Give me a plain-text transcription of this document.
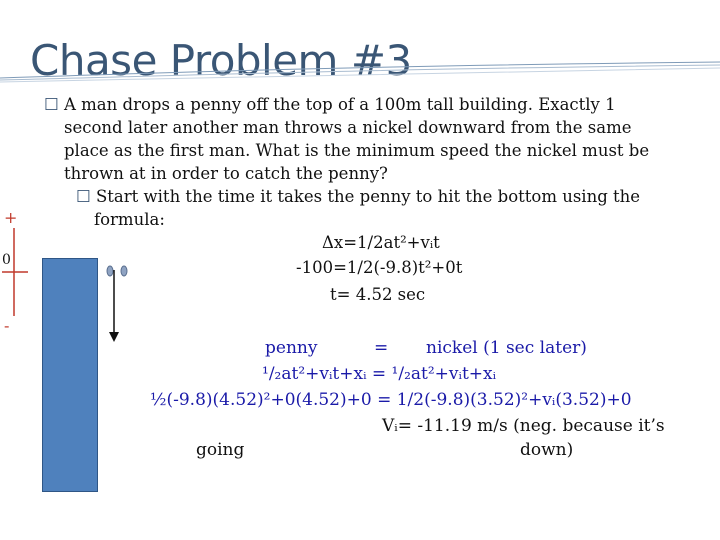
Chase Problem #3
☐ A man drops a penny off the top of a 100m tall building. Exactly 1
second later another man throws a nickel downward from the same
place as the first man. What is the minimum speed the nickel must be
thrown at in order to catch the penny?
☐ Start with the time it takes the penny to hit the bottom using the
formula:
Δx=1/2at²+vᵢt
-100=1/2(-9.8)t²+0t
t= 4.52 sec
penny	= nickel (1 sec later)
¹/₂at²+vᵢt+xᵢ = ¹/₂at²+vᵢt+xᵢ
½(-9.8)(4.52)²+0(4.52)+0 = 1/2(-9.8)(3.52)²+vᵢ(3.52)+0
Vᵢ= -11.19 m/s (neg. because it’s
going	down)
+
0
-
